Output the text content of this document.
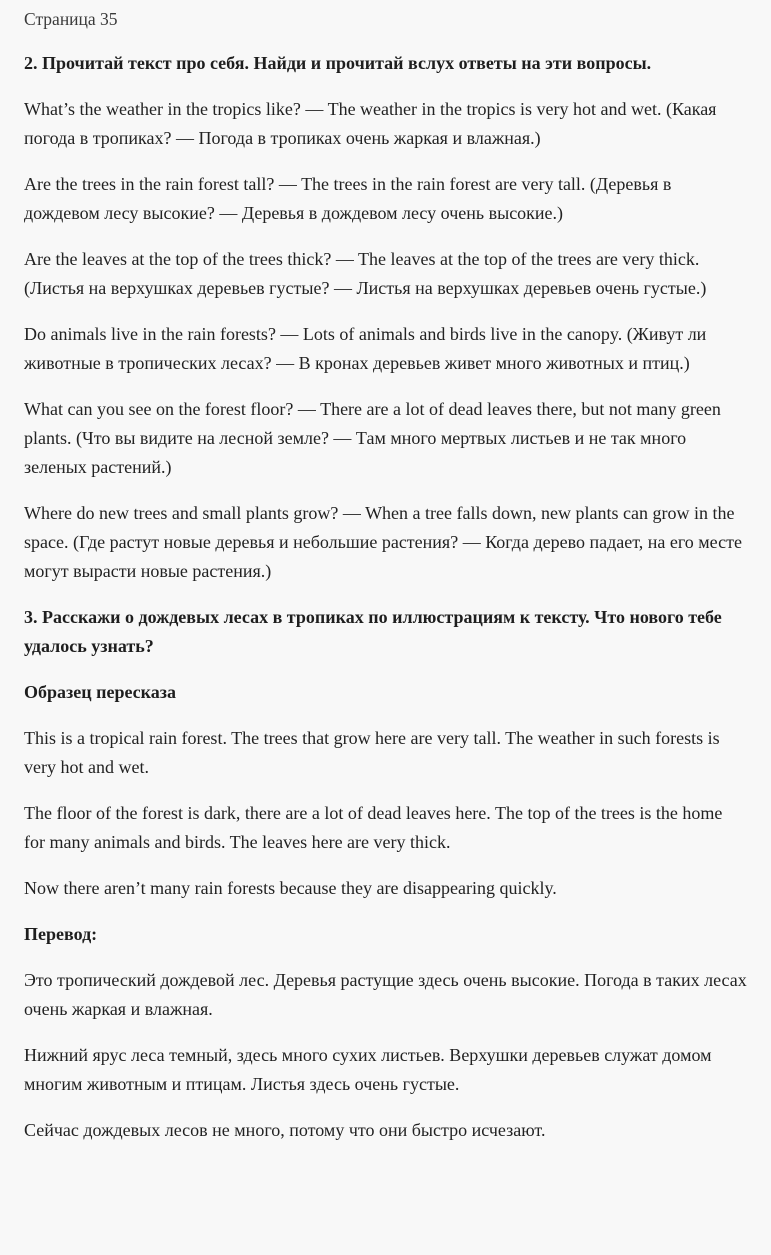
Страница 35

2. Прочитай текст про себя. Найди и прочитай вслух ответы на эти вопросы.

What’s the weather in the tropics like? — The weather in the tropics is very hot and wet. (Какая погода в тропиках? — Погода в тропиках очень жаркая и влажная.)

Are the trees in the rain forest tall? — The trees in the rain forest are very tall. (Деревья в дождевом лесу высокие? — Деревья в дождевом лесу очень высокие.)

Are the leaves at the top of the trees thick? — The leaves at the top of the trees are very thick. (Листья на верхушках деревьев густые? — Листья на верхушках деревьев очень густые.)

Do animals live in the rain forests? — Lots of animals and birds live in the canopy. (Живут ли животные в тропических лесах? — В кронах деревьев живет много животных и птиц.)

What can you see on the forest floor? — There are a lot of dead leaves there, but not many green plants. (Что вы видите на лесной земле? — Там много мертвых листьев и не так много зеленых растений.)

Where do new trees and small plants grow? — When a tree falls down, new plants can grow in the space. (Где растут новые деревья и небольшие растения? — Когда дерево падает, на его месте могут вырасти новые растения.)

3. Расскажи о дождевых лесах в тропиках по иллюстрациям к тексту. Что нового тебе удалось узнать?

Образец пересказа

This is a tropical rain forest. The trees that grow here are very tall. The weather in such forests is very hot and wet.

The floor of the forest is dark, there are a lot of dead leaves here. The top of the trees is the home for many animals and birds. The leaves here are very thick.

Now there aren’t many rain forests because they are disappearing quickly.

Перевод:

Это тропический дождевой лес. Деревья растущие здесь очень высокие. Погода в таких лесах очень жаркая и влажная.

Нижний ярус леса темный, здесь много сухих листьев. Верхушки деревьев служат домом многим животным и птицам. Листья здесь очень густые.

Сейчас дождевых лесов не много, потому что они быстро исчезают.
